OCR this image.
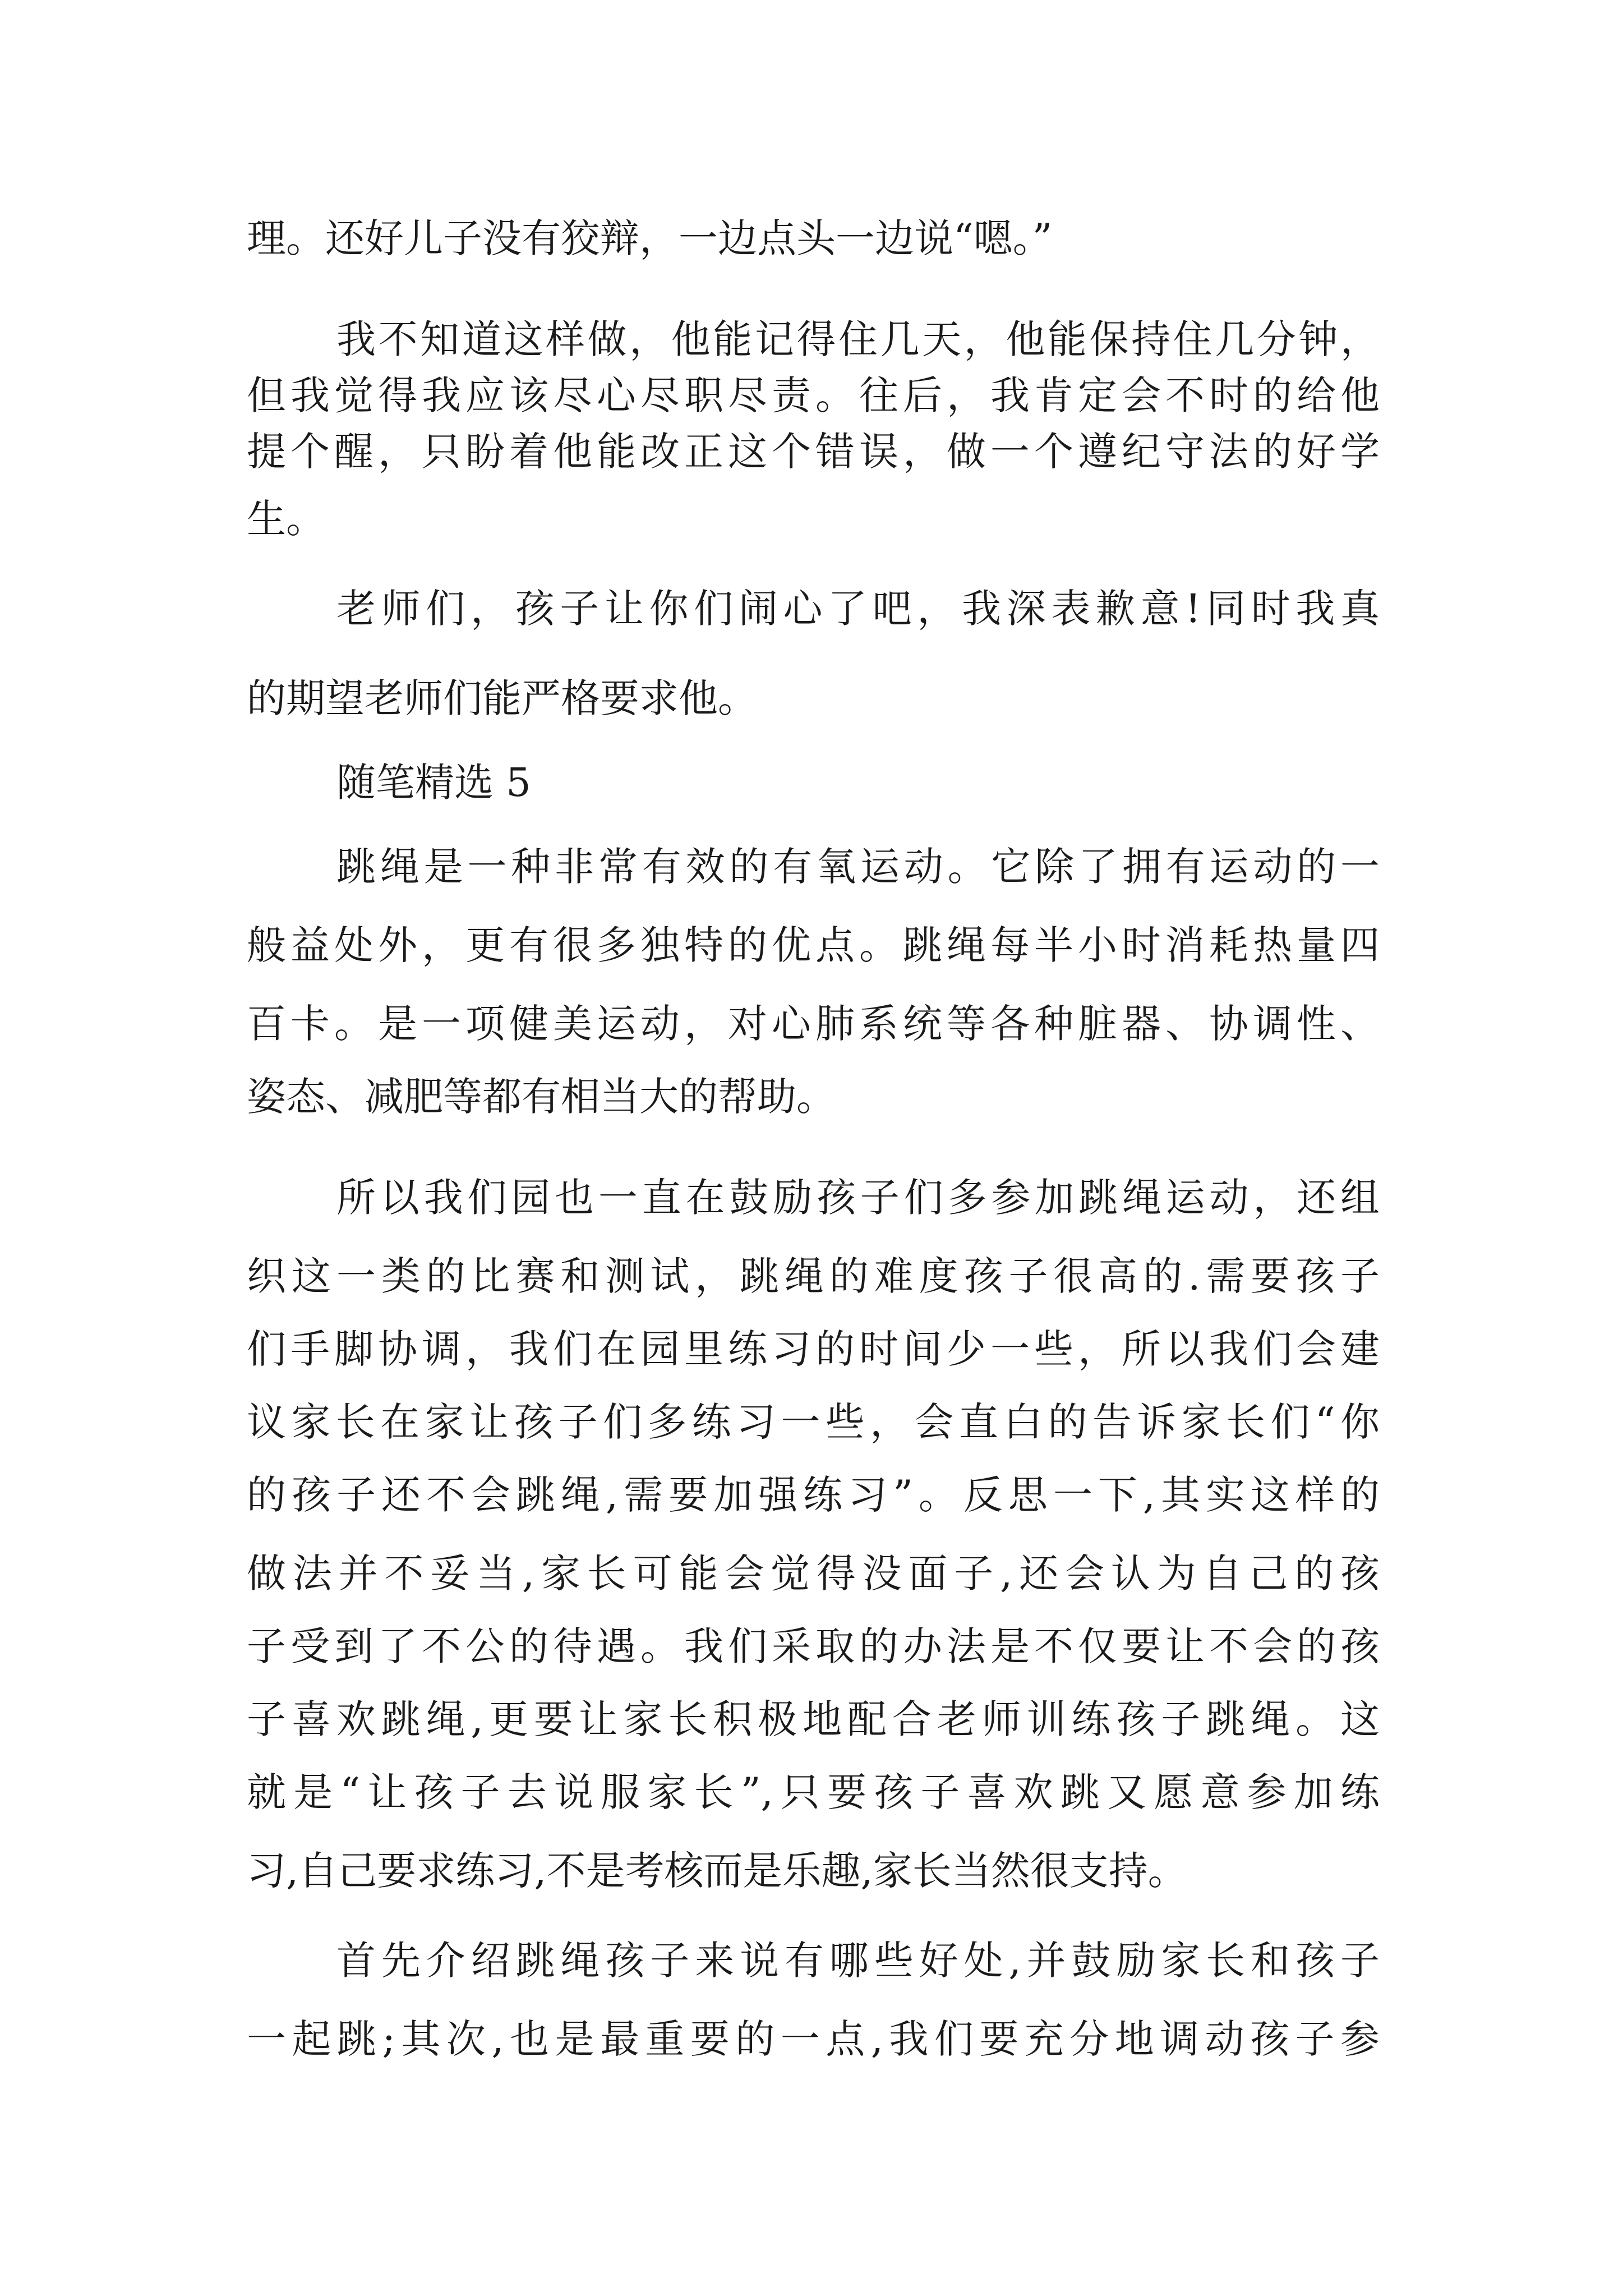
理。还好儿子没有狡辩，一边点头一边说“嗯。”
我不知道这样做，他能记得住几天，他能保持住几分钟，
但我觉得我应该尽心尽职尽责。往后，我肯定会不时的给他
提个醒，只盼着他能改正这个错误，做一个遵纪守法的好学
生。
老师们，孩子让你们闹心了吧，我深表歉意!同时我真
的期望老师们能严格要求他。
随笔精选 5
跳绳是一种非常有效的有氧运动。它除了拥有运动的一
般益处外，更有很多独特的优点。跳绳每半小时消耗热量四
百卡。是一项健美运动，对心肺系统等各种脏器、协调性、
姿态、减肥等都有相当大的帮助。
所以我们园也一直在鼓励孩子们多参加跳绳运动，还组
织这一类的比赛和测试，跳绳的难度孩子很高的.需要孩子
们手脚协调，我们在园里练习的时间少一些，所以我们会建
议家长在家让孩子们多练习一些，会直白的告诉家长们“你
的孩子还不会跳绳,需要加强练习”。反思一下,其实这样的
做法并不妥当,家长可能会觉得没面子,还会认为自己的孩
子受到了不公的待遇。我们采取的办法是不仅要让不会的孩
子喜欢跳绳,更要让家长积极地配合老师训练孩子跳绳。这
就是“让孩子去说服家长”,只要孩子喜欢跳又愿意参加练
习,自己要求练习,不是考核而是乐趣,家长当然很支持。
首先介绍跳绳孩子来说有哪些好处,并鼓励家长和孩子
一起跳;其次,也是最重要的一点,我们要充分地调动孩子参
